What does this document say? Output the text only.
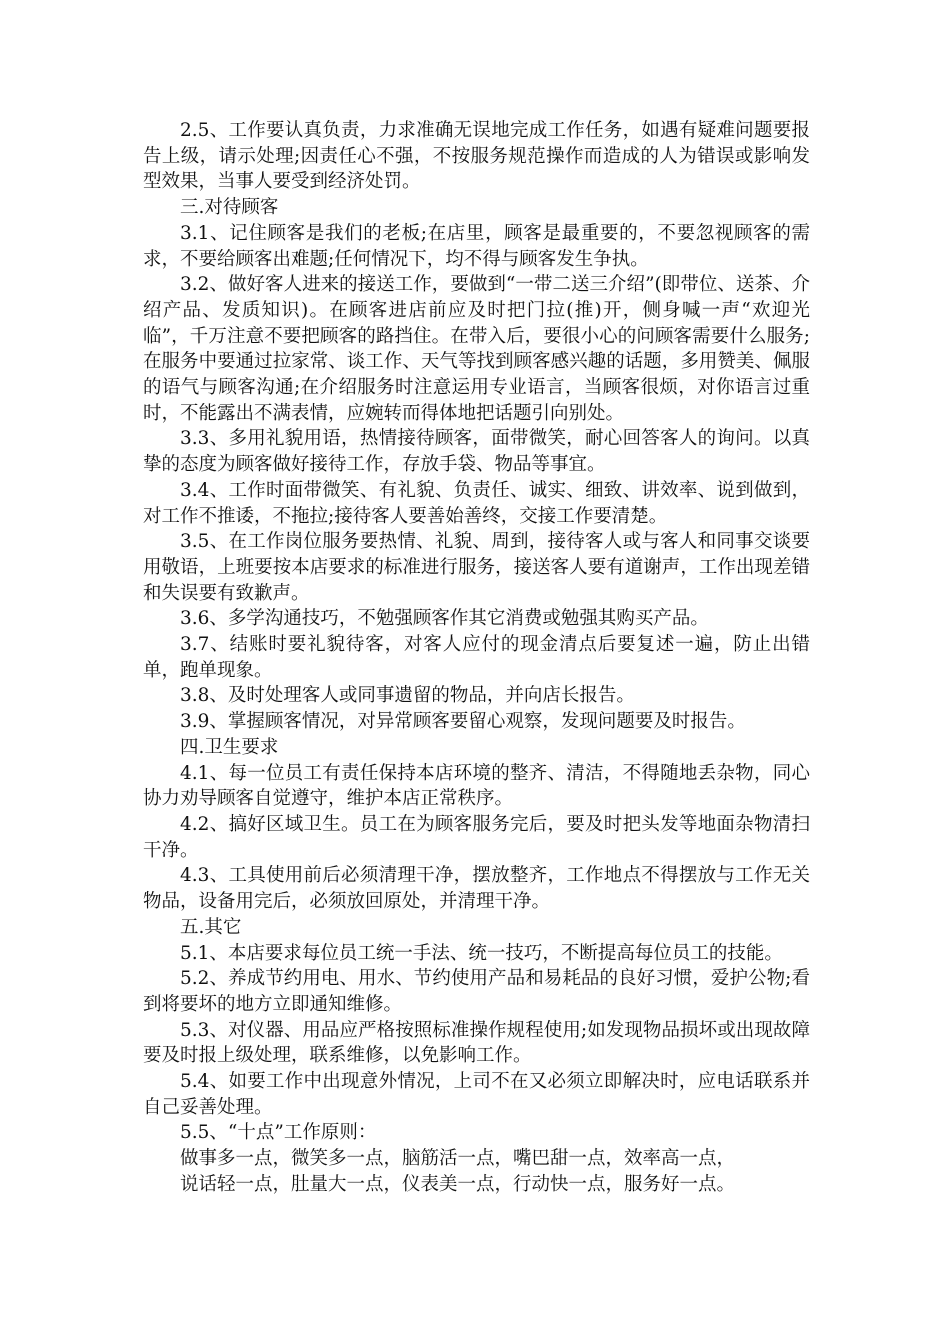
2.5、工作要认真负责，力求准确无误地完成工作任务，如遇有疑难问题要报告上级，请示处理;因责任心不强，不按服务规范操作而造成的人为错误或影响发型效果，当事人要受到经济处罚。

三.对待顾客

3.1、记住顾客是我们的老板;在店里，顾客是最重要的，不要忽视顾客的需求，不要给顾客出难题;任何情况下，均不得与顾客发生争执。

3.2、做好客人进来的接送工作，要做到“一带二送三介绍”(即带位、送茶、介绍产品、发质知识)。在顾客进店前应及时把门拉(推)开，侧身喊一声“欢迎光临”，千万注意不要把顾客的路挡住。在带入后，要很小心的问顾客需要什么服务;在服务中要通过拉家常、谈工作、天气等找到顾客感兴趣的话题，多用赞美、佩服的语气与顾客沟通;在介绍服务时注意运用专业语言，当顾客很烦，对你语言过重时，不能露出不满表情，应婉转而得体地把话题引向别处。

3.3、多用礼貌用语，热情接待顾客，面带微笑，耐心回答客人的询问。以真挚的态度为顾客做好接待工作，存放手袋、物品等事宜。

3.4、工作时面带微笑、有礼貌、负责任、诚实、细致、讲效率、说到做到，对工作不推诿，不拖拉;接待客人要善始善终，交接工作要清楚。

3.5、在工作岗位服务要热情、礼貌、周到，接待客人或与客人和同事交谈要用敬语，上班要按本店要求的标准进行服务，接送客人要有道谢声，工作出现差错和失误要有致歉声。

3.6、多学沟通技巧，不勉强顾客作其它消费或勉强其购买产品。

3.7、结账时要礼貌待客，对客人应付的现金清点后要复述一遍，防止出错单，跑单现象。

3.8、及时处理客人或同事遗留的物品，并向店长报告。

3.9、掌握顾客情况，对异常顾客要留心观察，发现问题要及时报告。

四.卫生要求

4.1、每一位员工有责任保持本店环境的整齐、清洁，不得随地丢杂物，同心协力劝导顾客自觉遵守，维护本店正常秩序。

4.2、搞好区域卫生。员工在为顾客服务完后，要及时把头发等地面杂物清扫干净。

4.3、工具使用前后必须清理干净，摆放整齐，工作地点不得摆放与工作无关物品，设备用完后，必须放回原处，并清理干净。

五.其它

5.1、本店要求每位员工统一手法、统一技巧，不断提高每位员工的技能。

5.2、养成节约用电、用水、节约使用产品和易耗品的良好习惯，爱护公物;看到将要坏的地方立即通知维修。

5.3、对仪器、用品应严格按照标准操作规程使用;如发现物品损坏或出现故障要及时报上级处理，联系维修，以免影响工作。

5.4、如要工作中出现意外情况，上司不在又必须立即解决时，应电话联系并自己妥善处理。

5.5、“十点”工作原则：

做事多一点，微笑多一点，脑筋活一点，嘴巴甜一点，效率高一点，

说话轻一点，肚量大一点，仪表美一点，行动快一点，服务好一点。
